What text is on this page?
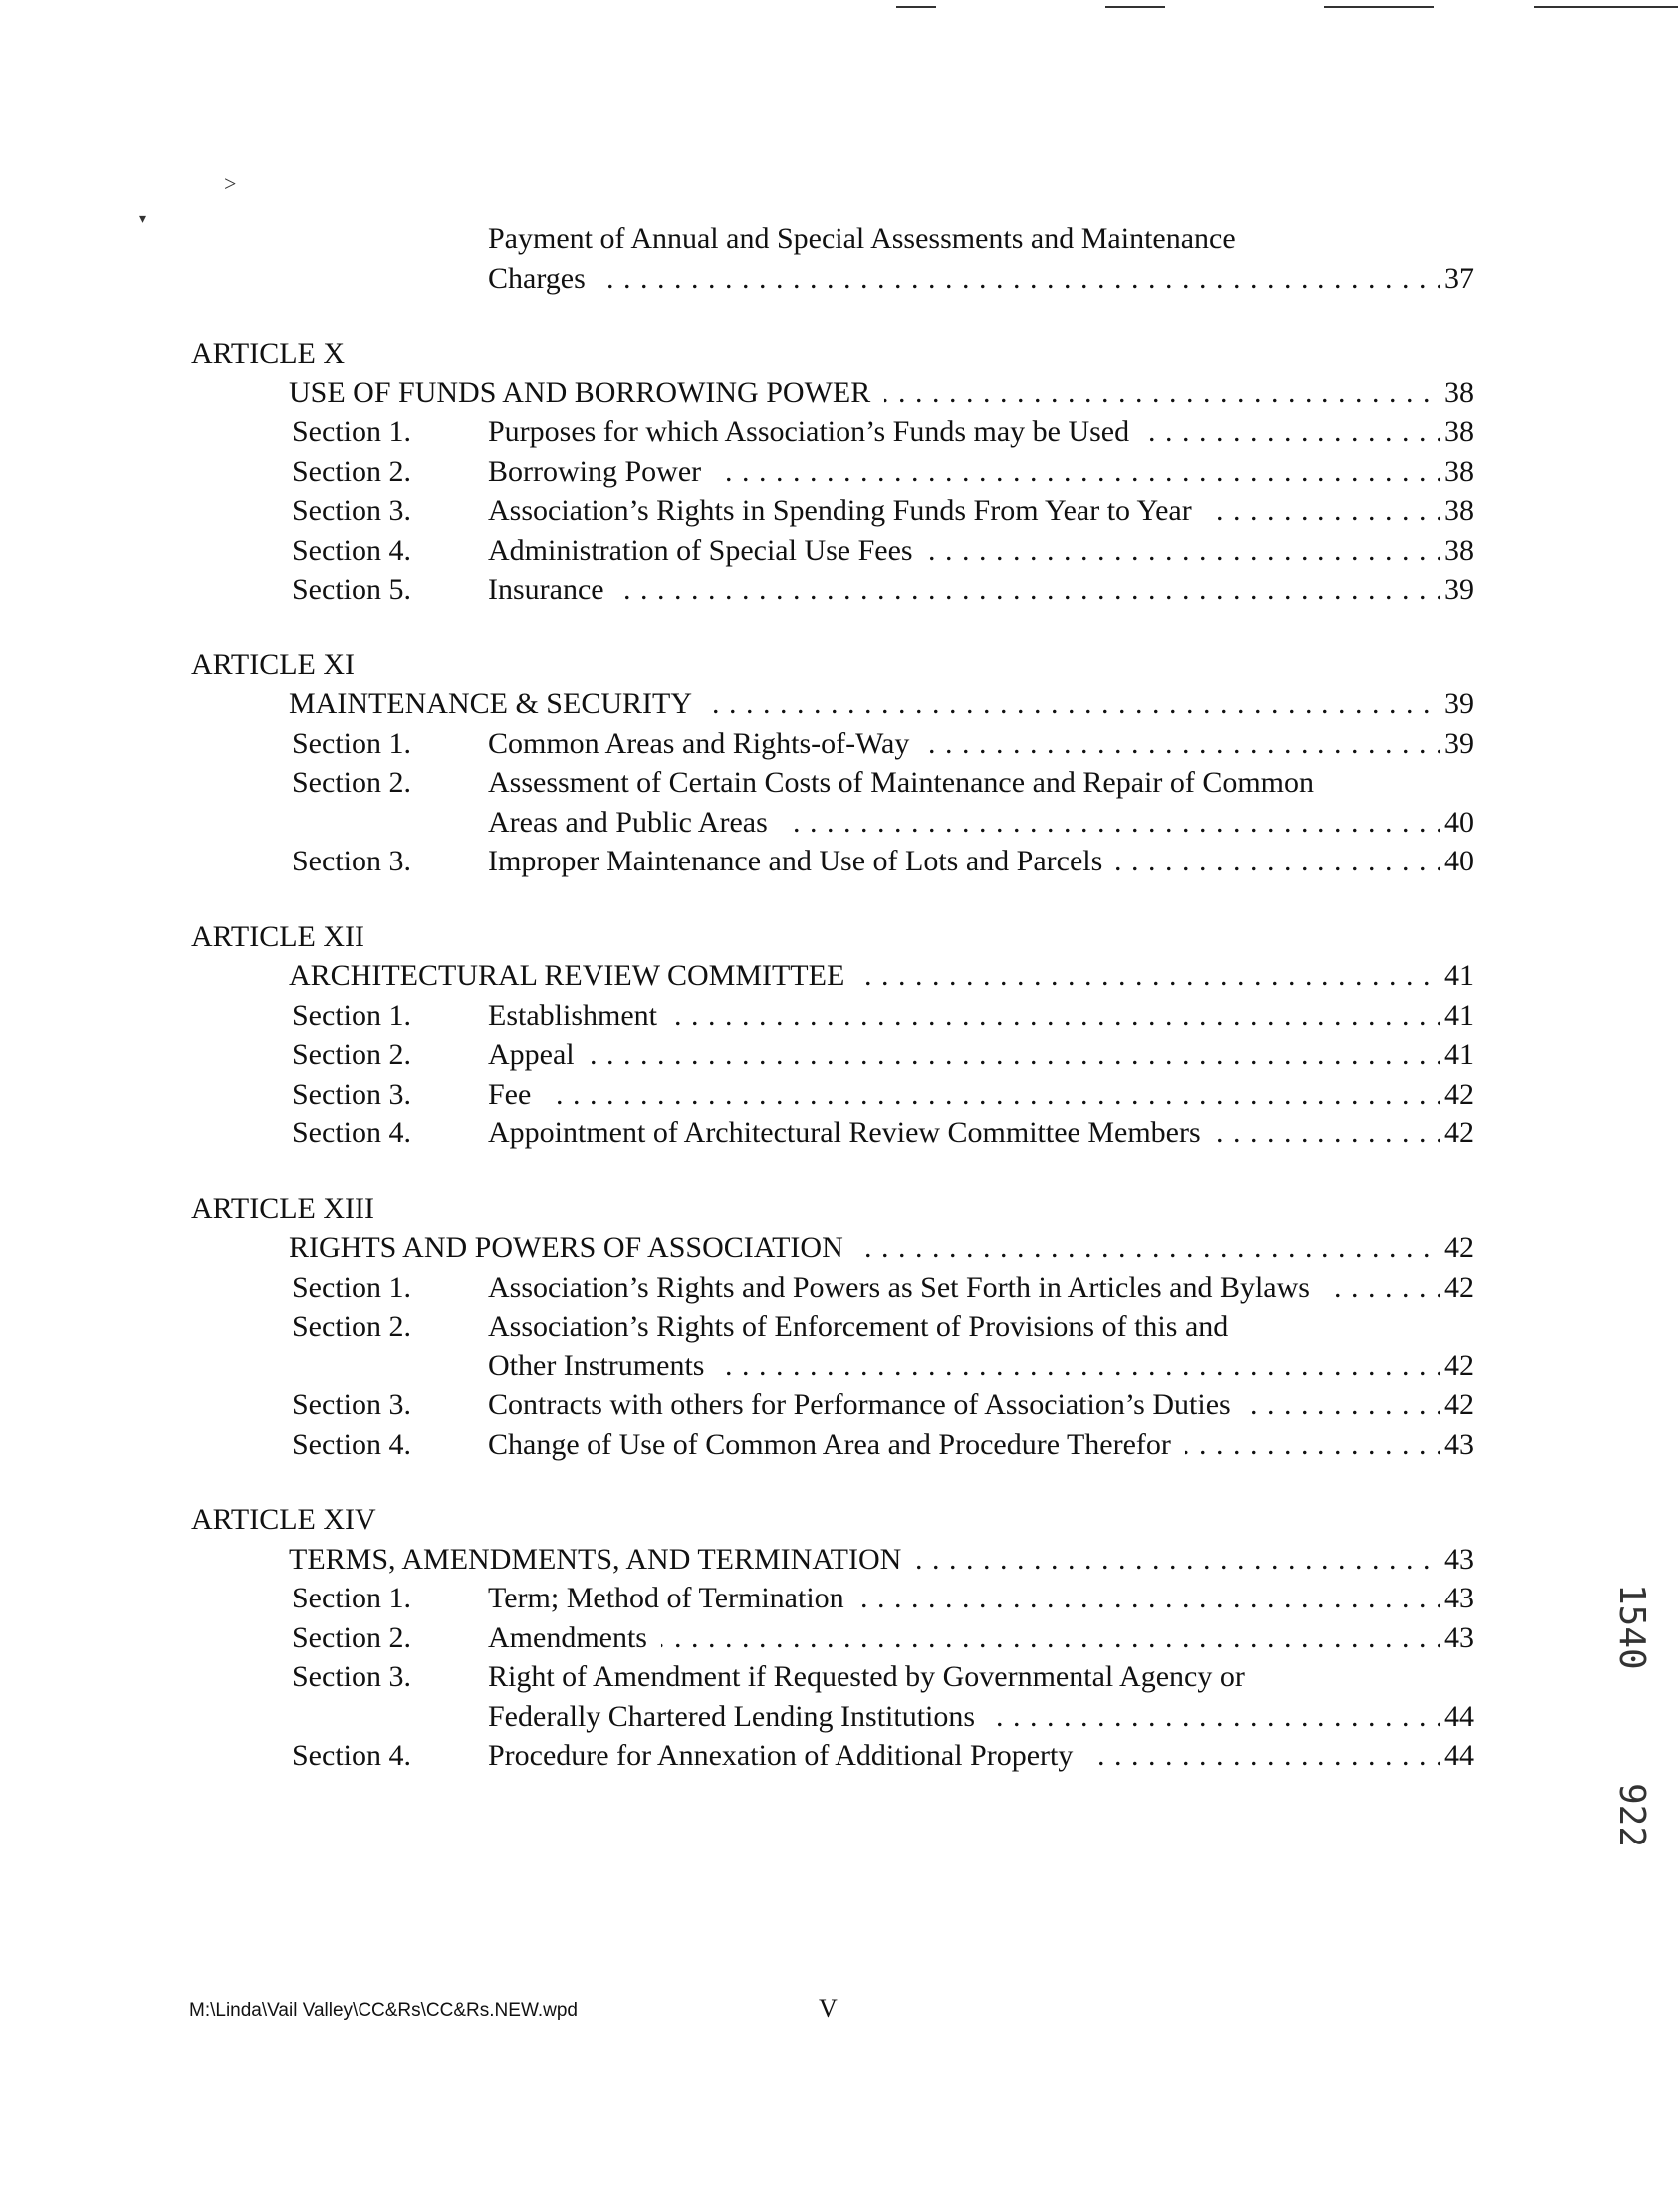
˃
▾
Payment of Annual and Special Assessments and Maintenance
. . .
Charges	37
ARTICLE X
. . .
USE OF FUNDS AND BORROWING POWER	38
Section 1. . . .	Purposes for which Association’s Funds may be Used	38
Section 2. . . .	Borrowing Power	38
Section 3. . . .	Association’s Rights in Spending Funds From Year to Year	38
Section 4. . . .	Administration of Special Use Fees	38
Section 5. . . .	Insurance	39
ARTICLE XI
. . .
MAINTENANCE & SECURITY	39
Section 1. . . .	Common Areas and Rights-of-Way	39
Section 2.	Assessment of Certain Costs of Maintenance and Repair of Common
. . .
Areas and Public Areas	40
Section 3. . . .	Improper Maintenance and Use of Lots and Parcels	40
ARTICLE XII
. . .
ARCHITECTURAL REVIEW COMMITTEE	41
Section 1. . . .	Establishment	41
Section 2. . . .	Appeal	41
Section 3. . . .	Fee	42
Section 4. . . .	Appointment of Architectural Review Committee Members	42
ARTICLE XIII
. . .
RIGHTS AND POWERS OF ASSOCIATION	42
Section 1. . . .	Association’s Rights and Powers as Set Forth in Articles and Bylaws	42
Section 2.	Association’s Rights of Enforcement of Provisions of this and
. . .
Other Instruments	42
Section 3. . . .	Contracts with others for Performance of Association’s Duties	42
Section 4. . . .	Change of Use of Common Area and Procedure Therefor	43
ARTICLE XIV
. . .
TERMS, AMENDMENTS, AND TERMINATION	43
Section 1. . . .	Term; Method of Termination	43
Section 2. . . .	Amendments	43
Section 3.	Right of Amendment if Requested by Governmental Agency or
. . .
Federally Chartered Lending Institutions	44
Section 4. . . .	Procedure for Annexation of Additional Property	44
M:\Linda\Vail Valley\CC&Rs\CC&Rs.NEW.wpd	V
1540
922
